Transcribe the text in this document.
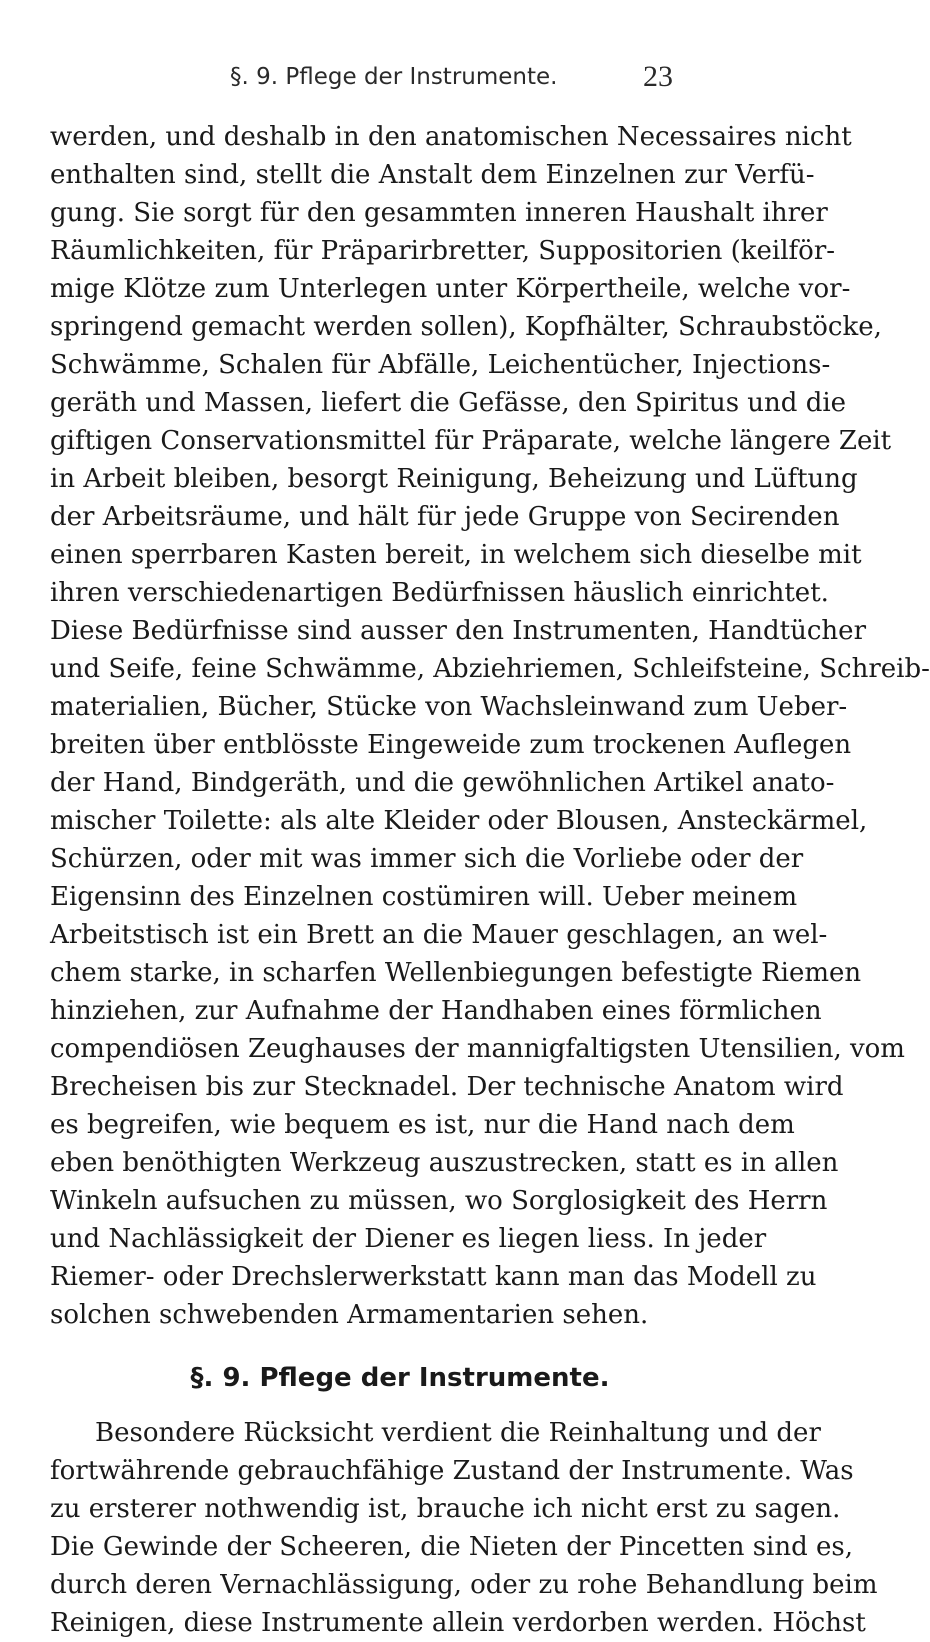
§. 9. Pflege der Instrumente.	23
werden, und deshalb in den anatomischen Necessaires nicht
enthalten sind, stellt die Anstalt dem Einzelnen zur Verfü-
gung. Sie sorgt für den gesammten inneren Haushalt ihrer
Räumlichkeiten, für Präparirbretter, Suppositorien (keilför-
mige Klötze zum Unterlegen unter Körpertheile, welche vor-
springend gemacht werden sollen), Kopfhälter, Schraubstöcke,
Schwämme, Schalen für Abfälle, Leichentücher, Injections-
geräth und Massen, liefert die Gefässe, den Spiritus und die
giftigen Conservationsmittel für Präparate, welche längere Zeit
in Arbeit bleiben, besorgt Reinigung, Beheizung und Lüftung
der Arbeitsräume, und hält für jede Gruppe von Secirenden
einen sperrbaren Kasten bereit, in welchem sich dieselbe mit
ihren verschiedenartigen Bedürfnissen häuslich einrichtet.
Diese Bedürfnisse sind ausser den Instrumenten, Handtücher
und Seife, feine Schwämme, Abziehriemen, Schleifsteine, Schreib-
materialien, Bücher, Stücke von Wachsleinwand zum Ueber-
breiten über entblösste Eingeweide zum trockenen Auflegen
der Hand, Bindgeräth, und die gewöhnlichen Artikel anato-
mischer Toilette: als alte Kleider oder Blousen, Ansteckärmel,
Schürzen, oder mit was immer sich die Vorliebe oder der
Eigensinn des Einzelnen costümiren will. Ueber meinem
Arbeitstisch ist ein Brett an die Mauer geschlagen, an wel-
chem starke, in scharfen Wellenbiegungen befestigte Riemen
hinziehen, zur Aufnahme der Handhaben eines förmlichen
compendiösen Zeughauses der mannigfaltigsten Utensilien, vom
Brecheisen bis zur Stecknadel. Der technische Anatom wird
es begreifen, wie bequem es ist, nur die Hand nach dem
eben benöthigten Werkzeug auszustrecken, statt es in allen
Winkeln aufsuchen zu müssen, wo Sorglosigkeit des Herrn
und Nachlässigkeit der Diener es liegen liess. In jeder
Riemer- oder Drechslerwerkstatt kann man das Modell zu
solchen schwebenden Armamentarien sehen.
§. 9. Pflege der Instrumente.
Besondere Rücksicht verdient die Reinhaltung und der
fortwährende gebrauchfähige Zustand der Instrumente. Was
zu ersterer nothwendig ist, brauche ich nicht erst zu sagen.
Die Gewinde der Scheeren, die Nieten der Pincetten sind es,
durch deren Vernachlässigung, oder zu rohe Behandlung beim
Reinigen, diese Instrumente allein verdorben werden. Höchst
